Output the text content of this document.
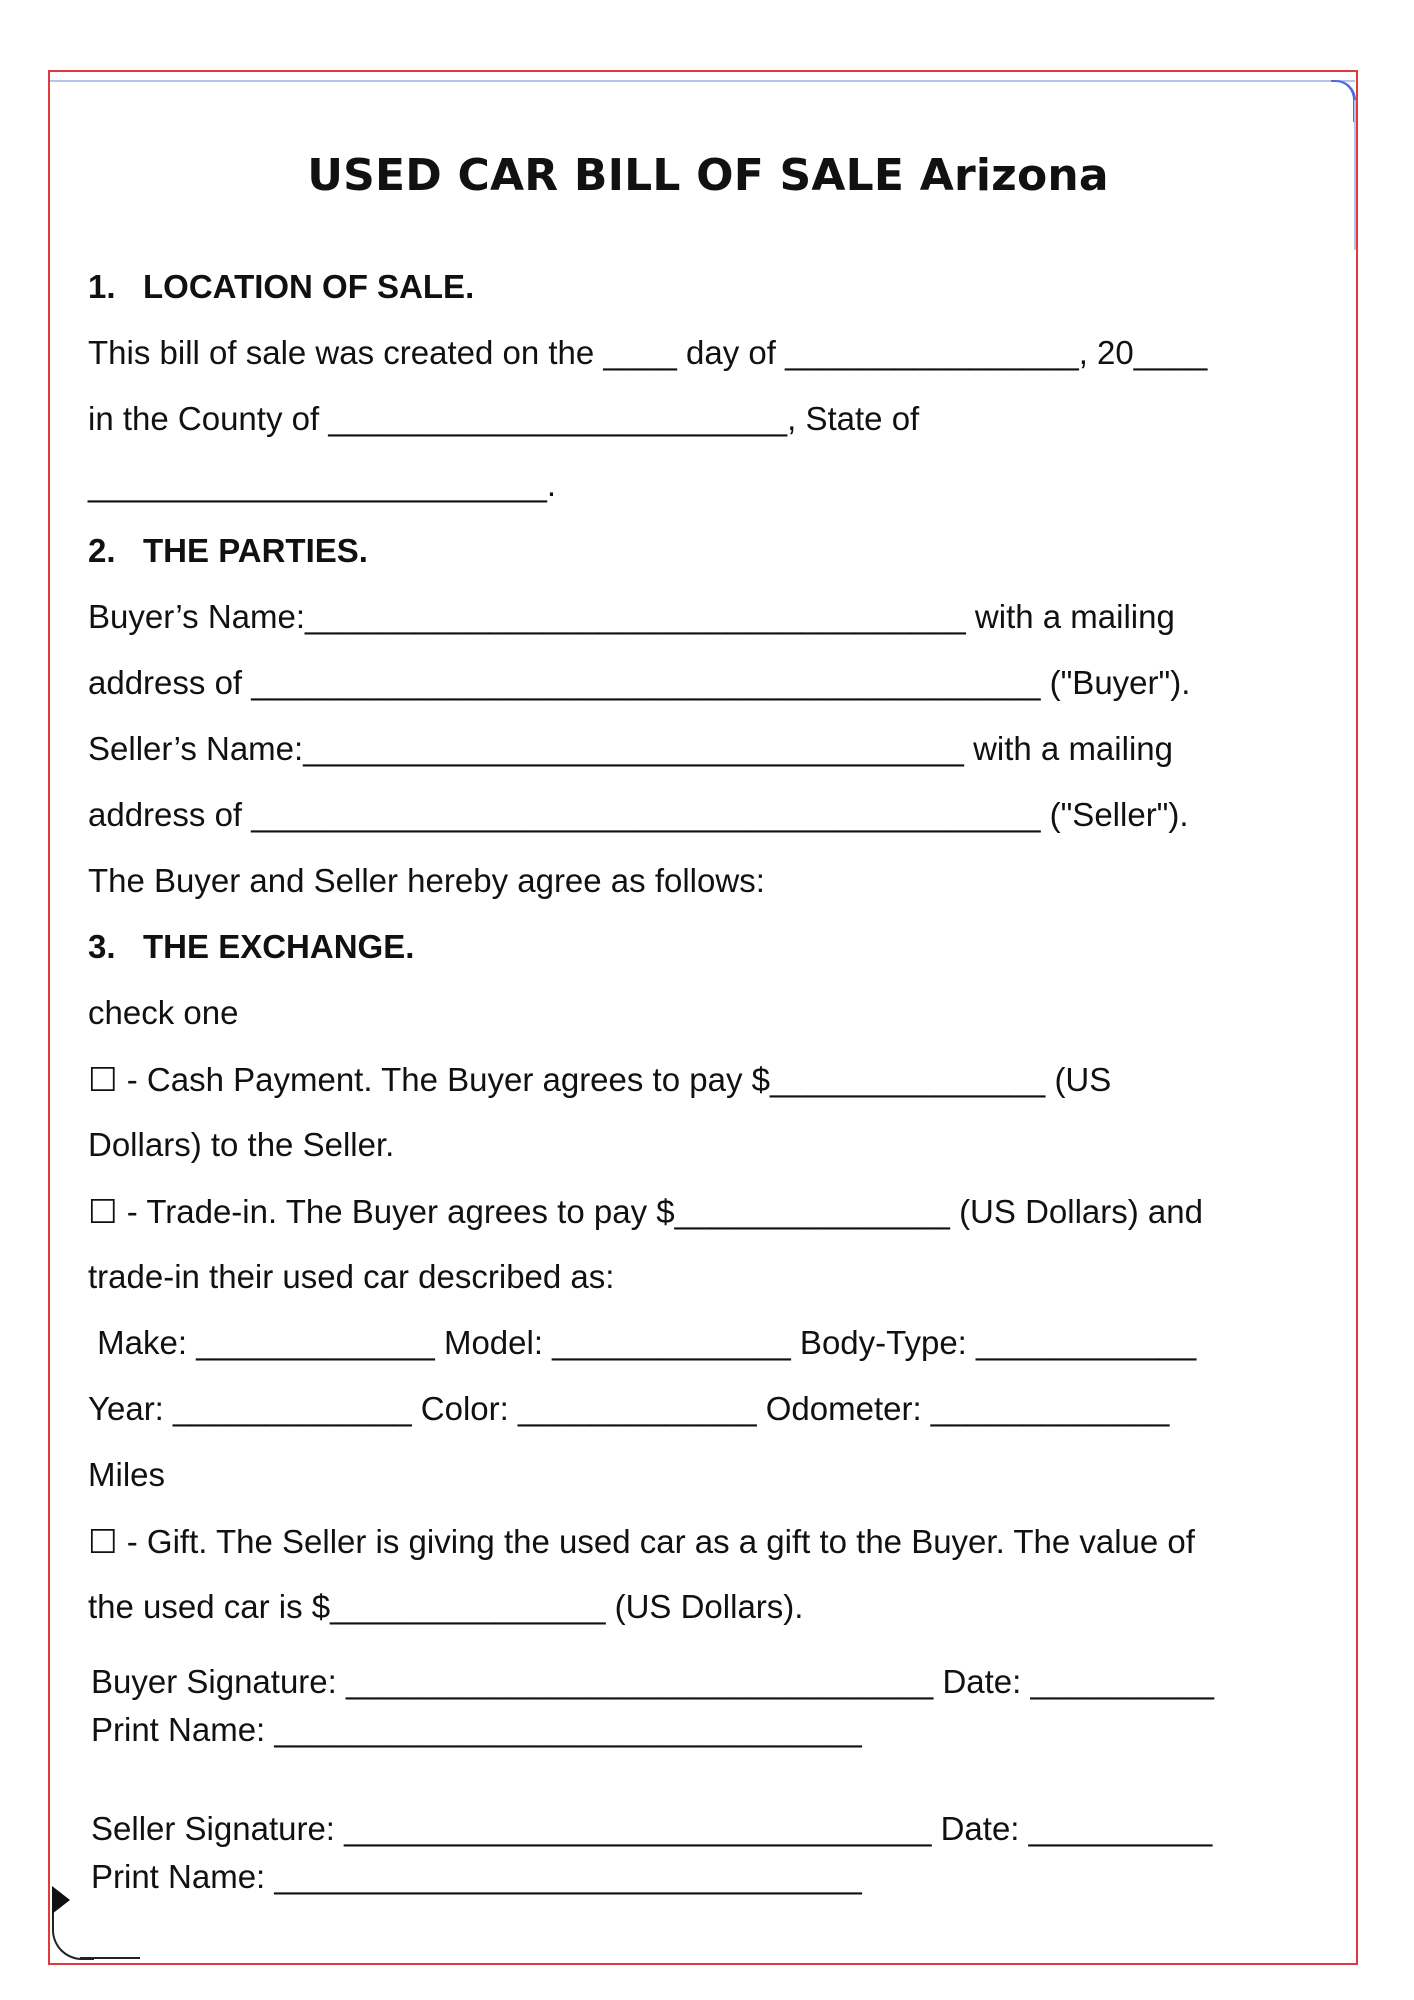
USED CAR BILL OF SALE Arizona
1.   LOCATION OF SALE.
This bill of sale was created on the ____ day of ________________, 20____
in the County of _________________________, State of
_________________________.
2.   THE PARTIES.
Buyer’s Name:____________________________________ with a mailing
address of ___________________________________________ ("Buyer").
Seller’s Name:____________________________________ with a mailing
address of ___________________________________________ ("Seller").
The Buyer and Seller hereby agree as follows:
3.   THE EXCHANGE.
check one
☐ - Cash Payment. The Buyer agrees to pay $_______________ (US
Dollars) to the Seller.
☐ - Trade-in. The Buyer agrees to pay $_______________ (US Dollars) and
trade-in their used car described as:
Make: _____________ Model: _____________ Body-Type: ____________
Year: _____________ Color: _____________ Odometer: _____________
Miles
☐ - Gift. The Seller is giving the used car as a gift to the Buyer. The value of
the used car is $_______________ (US Dollars).
Buyer Signature: ________________________________ Date: __________
Print Name: ________________________________
Seller Signature: ________________________________ Date: __________
Print Name: ________________________________
